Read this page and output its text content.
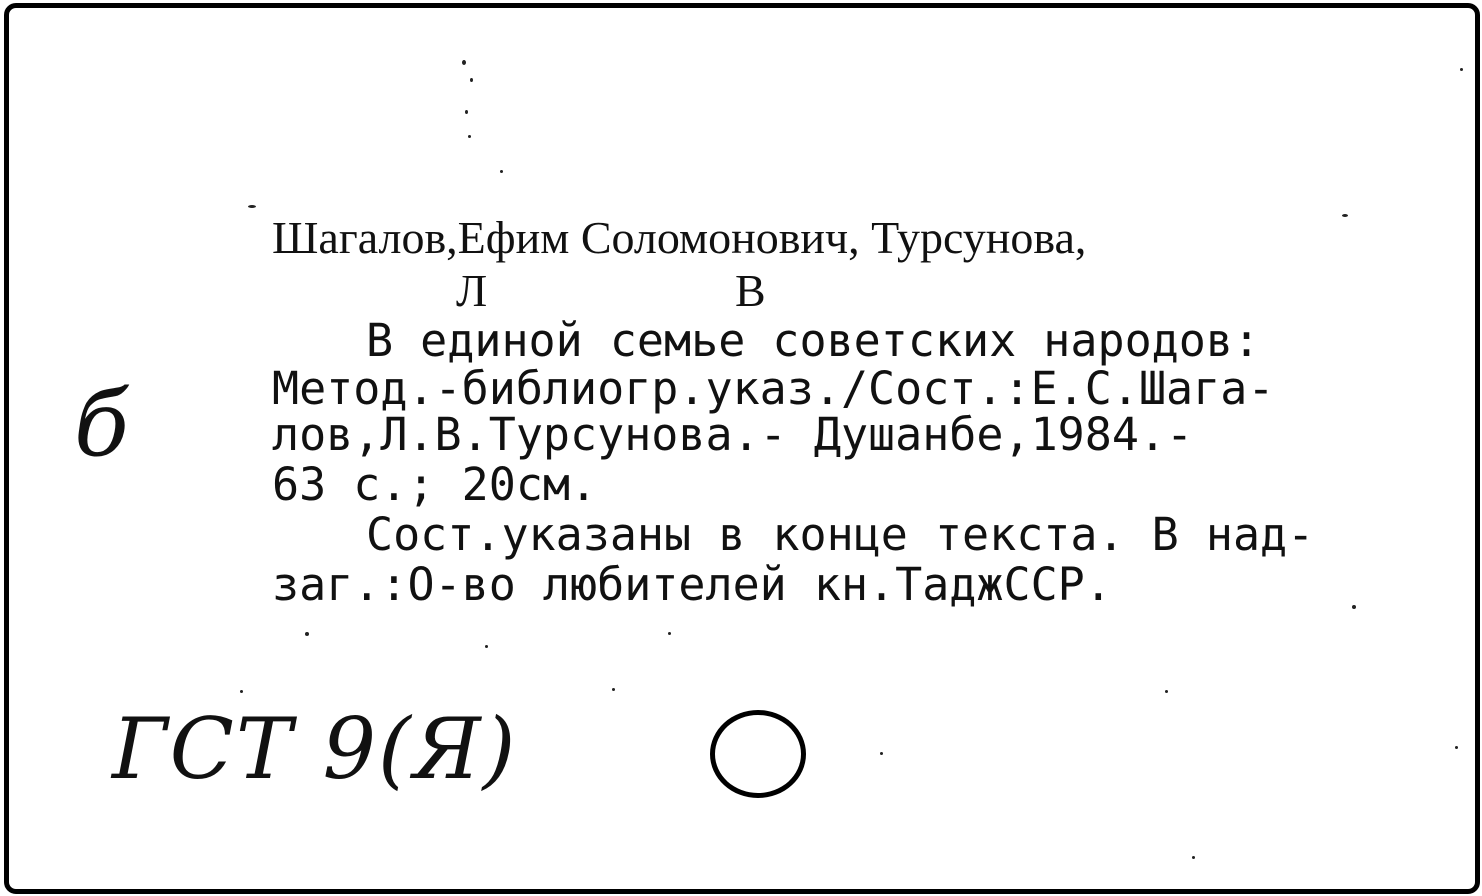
Шагалов,Ефим Соломонович, Турсунова,
Л	В
В единой семье советских народов:
Метод.-библиогр.указ./Сост.:Е.С.Шага-
лов,Л.В.Турсунова.- Душанбе,1984.-
63 с.; 20см.
Сост.указаны в конце текста. В над-
заг.:О-во любителей кн.ТаджССР.
б
ГСТ 9(Я)
